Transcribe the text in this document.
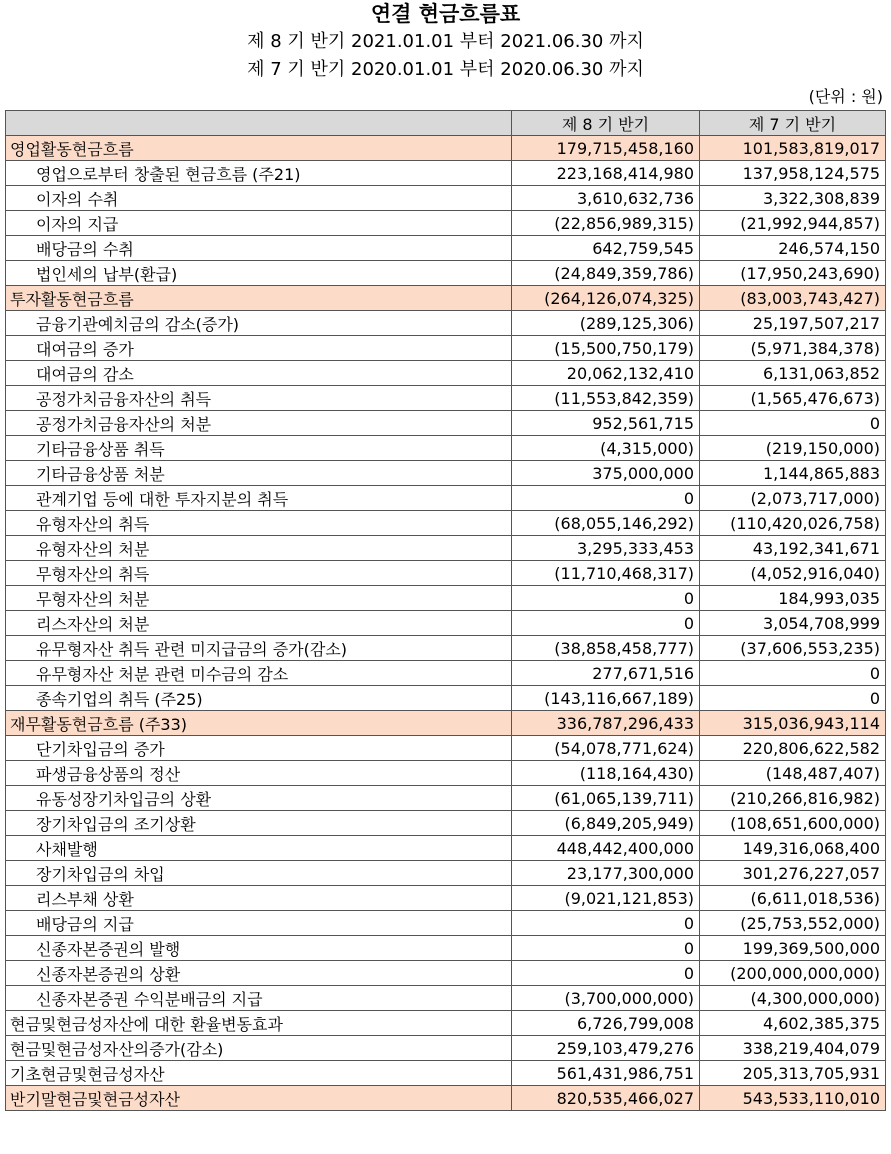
연결 현금흐름표
제 8 기 반기 2021.01.01 부터 2021.06.30 까지
제 7 기 반기 2020.01.01 부터 2020.06.30 까지
(단위 : 원)
	제 8 기 반기	제 7 기 반기
영업활동현금흐름	179,715,458,160	101,583,819,017
영업으로부터 창출된 현금흐름 (주21)	223,168,414,980	137,958,124,575
이자의 수취	3,610,632,736	3,322,308,839
이자의 지급	(22,856,989,315)	(21,992,944,857)
배당금의 수취	642,759,545	246,574,150
법인세의 납부(환급)	(24,849,359,786)	(17,950,243,690)
투자활동현금흐름	(264,126,074,325)	(83,003,743,427)
금융기관예치금의 감소(증가)	(289,125,306)	25,197,507,217
대여금의 증가	(15,500,750,179)	(5,971,384,378)
대여금의 감소	20,062,132,410	6,131,063,852
공정가치금융자산의 취득	(11,553,842,359)	(1,565,476,673)
공정가치금융자산의 처분	952,561,715	0
기타금융상품 취득	(4,315,000)	(219,150,000)
기타금융상품 처분	375,000,000	1,144,865,883
관계기업 등에 대한 투자지분의 취득	0	(2,073,717,000)
유형자산의 취득	(68,055,146,292)	(110,420,026,758)
유형자산의 처분	3,295,333,453	43,192,341,671
무형자산의 취득	(11,710,468,317)	(4,052,916,040)
무형자산의 처분	0	184,993,035
리스자산의 처분	0	3,054,708,999
유무형자산 취득 관련 미지급금의 증가(감소)	(38,858,458,777)	(37,606,553,235)
유무형자산 처분 관련 미수금의 감소	277,671,516	0
종속기업의 취득 (주25)	(143,116,667,189)	0
재무활동현금흐름 (주33)	336,787,296,433	315,036,943,114
단기차입금의 증가	(54,078,771,624)	220,806,622,582
파생금융상품의 정산	(118,164,430)	(148,487,407)
유동성장기차입금의 상환	(61,065,139,711)	(210,266,816,982)
장기차입금의 조기상환	(6,849,205,949)	(108,651,600,000)
사채발행	448,442,400,000	149,316,068,400
장기차입금의 차입	23,177,300,000	301,276,227,057
리스부채 상환	(9,021,121,853)	(6,611,018,536)
배당금의 지급	0	(25,753,552,000)
신종자본증권의 발행	0	199,369,500,000
신종자본증권의 상환	0	(200,000,000,000)
신종자본증권 수익분배금의 지급	(3,700,000,000)	(4,300,000,000)
현금및현금성자산에 대한 환율변동효과	6,726,799,008	4,602,385,375
현금및현금성자산의증가(감소)	259,103,479,276	338,219,404,079
기초현금및현금성자산	561,431,986,751	205,313,705,931
반기말현금및현금성자산	820,535,466,027	543,533,110,010
